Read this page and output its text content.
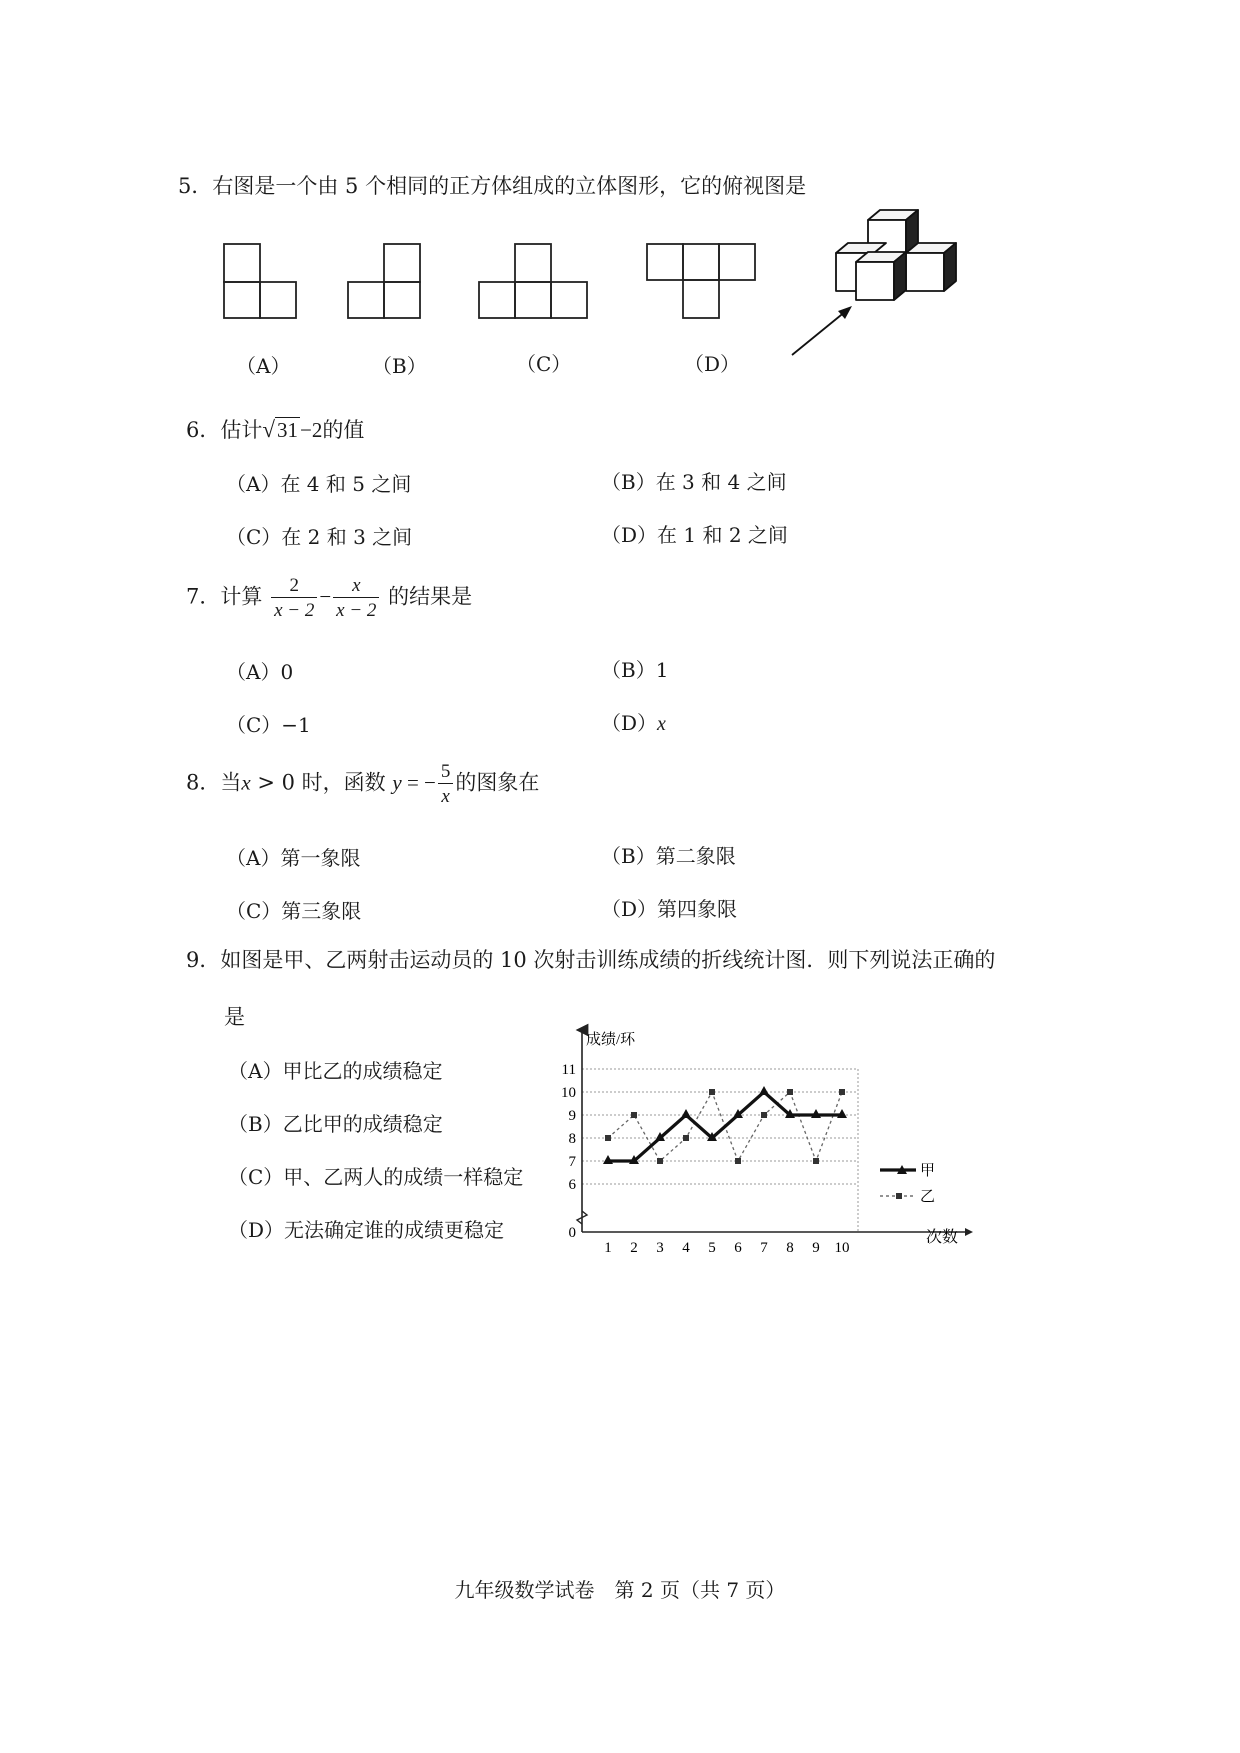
5．右图是一个由 5 个相同的正方体组成的立体图形，它的俯视图是
（A）	（B）	（C）	（D）
6．估计√31−2的值
（A）在 4 和 5 之间	（B）在 3 和 4 之间
（C）在 2 和 3 之间	（D）在 1 和 2 之间
7．计算 $\frac{2}{x - 2} - \frac{x}{x - 2}$ 的结果是
（A）0	（B）1
（C）−1	（D）x
8．当x > 0 时，函数 y = − $\frac{5}{x}$ 的图象在
（A）第一象限	（B）第二象限
（C）第三象限	（D）第四象限
9．如图是甲、乙两射击运动员的 10 次射击训练成绩的折线统计图．则下列说法正确的
是
（A）甲比乙的成绩稳定
（B）乙比甲的成绩稳定
（C）甲、乙两人的成绩一样稳定
（D）无法确定谁的成绩更稳定	0
6
7
8
9
10
11
1 2 3 4 5 6 7 8 9 10
成绩/环
次数
甲
乙
九年级数学试卷　第 2 页（共 7 页）
